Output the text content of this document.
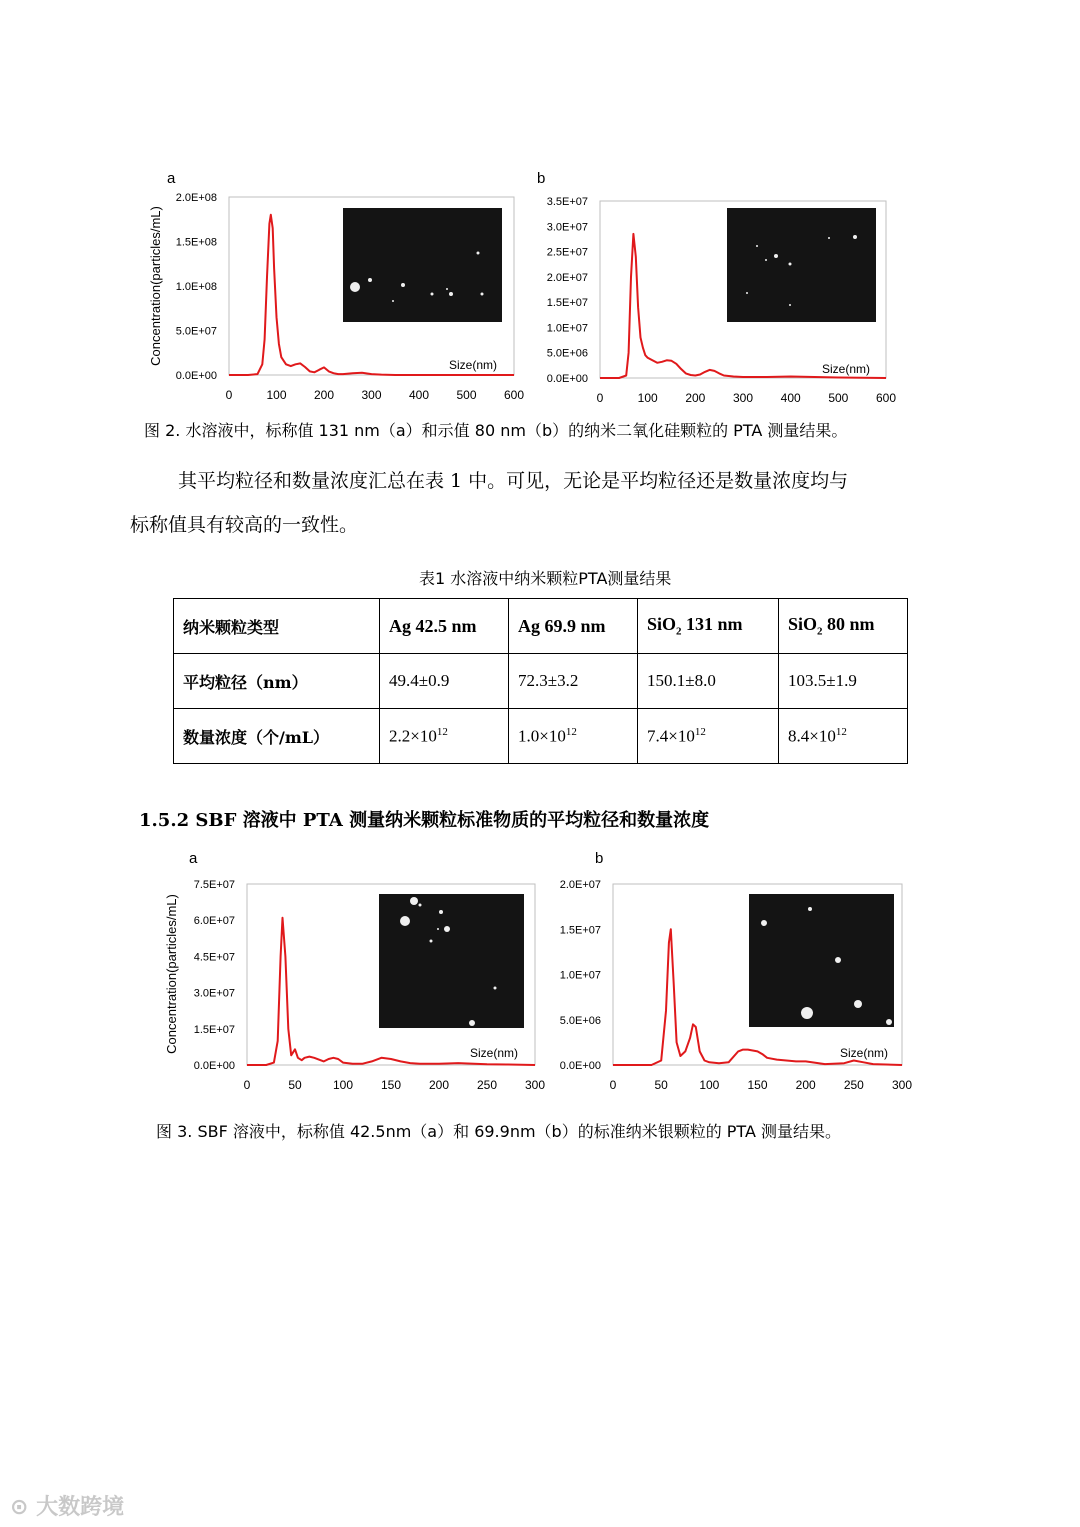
a	b
0.0E+00
5.0E+07
1.0E+08
1.5E+08
2.0E+08
0	100 200 300 400 500 600
Concentration(particles/mL)	Size(nm)
0.0E+00
5.0E+06
1.0E+07
1.5E+07
2.0E+07
2.5E+07
3.0E+07
3.5E+07
0	100 200 300 400 500 600
Size(nm)
0.0E+00
1.5E+07
3.0E+07
4.5E+07
6.0E+07
7.5E+07
0	50	100 150 200 250 300
Concentration(particles/mL)	Size(nm)
0.0E+00
5.0E+06
1.0E+07
1.5E+07
2.0E+07
0	50	100 150 200 250 300
Size(nm)
图 2. 水溶液中，标称值 131 nm（a）和示值 80 nm（b）的纳米二氧化硅颗粒的 PTA 测量结果。
其平均粒径和数量浓度汇总在表 1 中。可见，无论是平均粒径还是数量浓度均与
标称值具有较高的一致性。
表1 水溶液中纳米颗粒PTA测量结果
纳米颗粒类型	Ag 42.5 nm	Ag 69.9 nm	SiO$_2$ 131 nm	SiO$_2$ 80 nm
平均粒径（nm）	49.4±0.9	72.3±3.2	150.1±8.0	103.5±1.9
数量浓度（个/mL）	$2.2\times 10^{12}$	$1.0\times 10^{12}$	$7.4\times 10^{12}$	$8.4\times 10^{12}$
1.5.2 SBF 溶液中 PTA 测量纳米颗粒标准物质的平均粒径和数量浓度
a	b
图 3. SBF 溶液中，标称值 42.5nm（a）和 69.9nm（b）的标准纳米银颗粒的 PTA 测量结果。
⊙ 大数跨境
